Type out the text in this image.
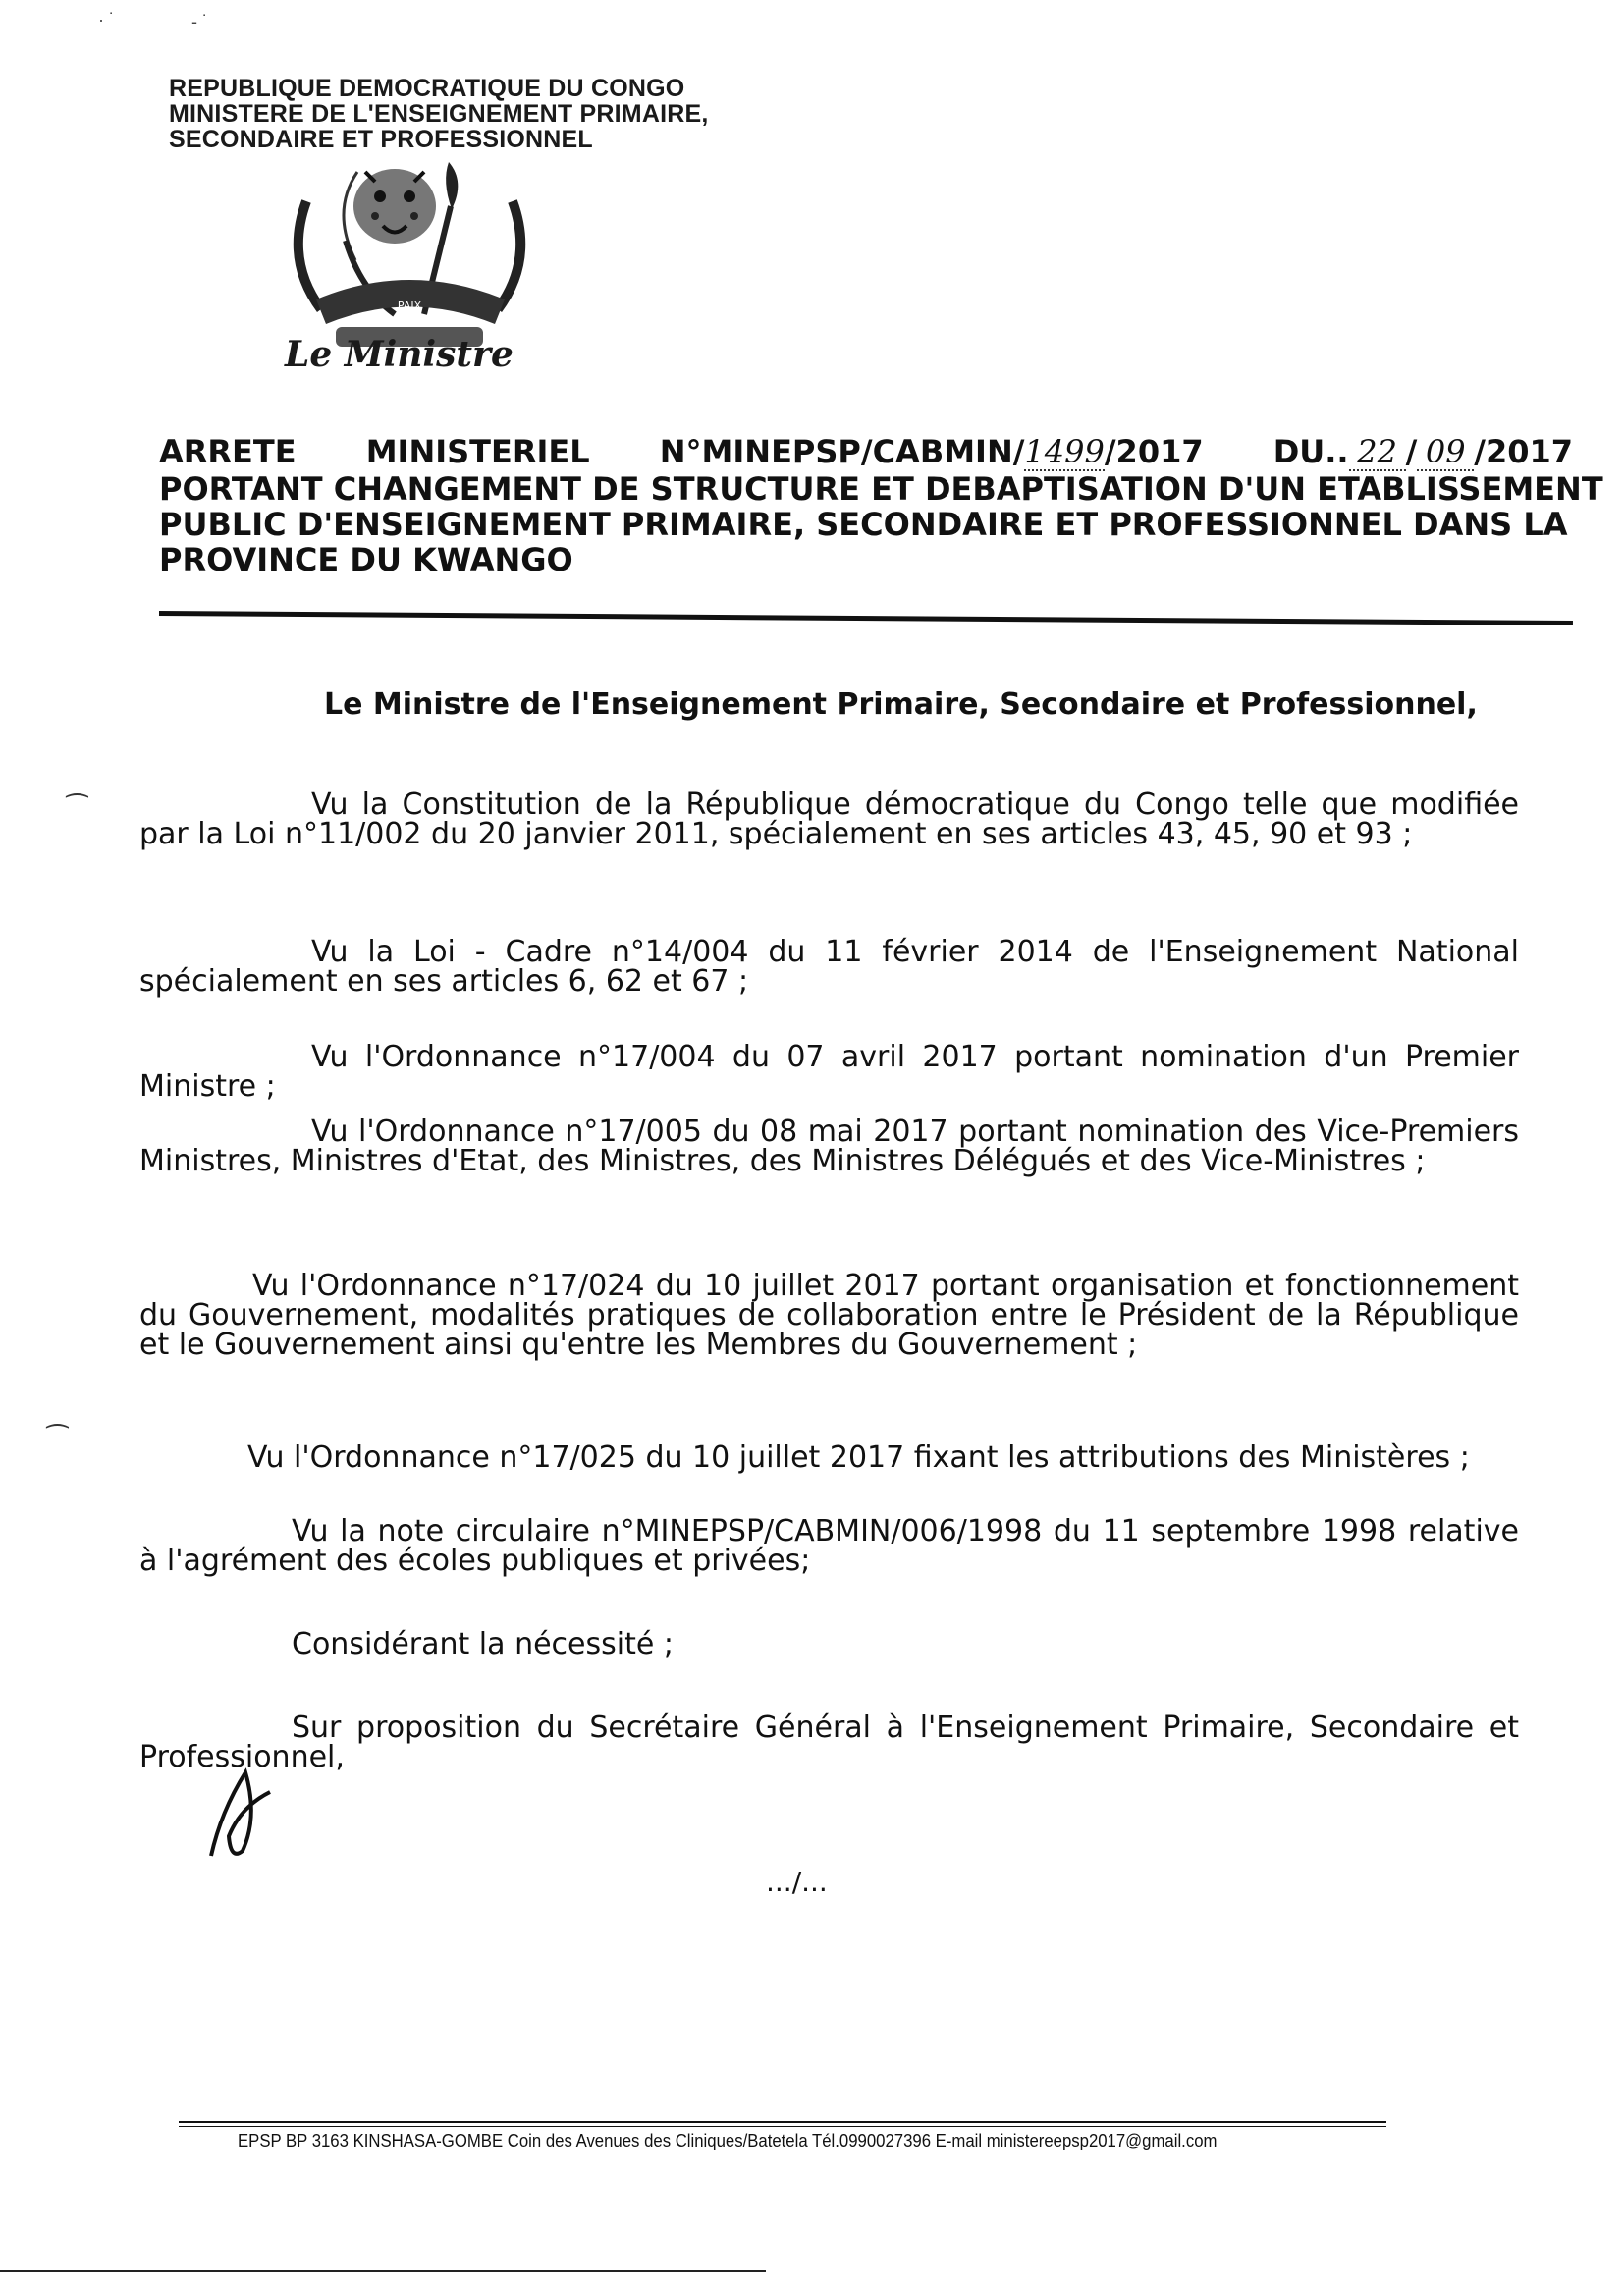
· ˙	- ˙
REPUBLIQUE DEMOCRATIQUE DU CONGO
MINISTERE DE L'ENSEIGNEMENT PRIMAIRE,
SECONDAIRE ET PROFESSIONNEL
PAIX
Le Ministre
ARRETE MINISTERIEL N°MINEPSP/CABMIN/1499/2017 DU.. 22 / 09 /2017
PORTANT CHANGEMENT DE STRUCTURE ET DEBAPTISATION D'UN ETABLISSEMENT
PUBLIC D'ENSEIGNEMENT PRIMAIRE, SECONDAIRE ET PROFESSIONNEL DANS LA
PROVINCE DU KWANGO
Le Ministre de l'Enseignement Primaire, Secondaire et Professionnel,
⁀
⁀
Vu la Constitution de la République démocratique du Congo telle que modifiée par la Loi n°11/002 du 20 janvier 2011, spécialement en ses articles 43, 45, 90 et 93 ;
Vu la Loi - Cadre n°14/004 du 11 février 2014 de l'Enseignement National spécialement en ses articles 6, 62 et 67 ;
Vu l'Ordonnance n°17/004 du 07 avril 2017 portant nomination d'un Premier Ministre ;
Vu l'Ordonnance n°17/005 du 08 mai 2017 portant nomination des Vice-Premiers Ministres, Ministres d'Etat, des Ministres, des Ministres Délégués et des Vice-Ministres ;
Vu l'Ordonnance n°17/024 du 10 juillet 2017 portant organisation et fonctionnement du Gouvernement, modalités pratiques de collaboration entre le Président de la République et le Gouvernement ainsi qu'entre les Membres du Gouvernement ;
Vu l'Ordonnance n°17/025 du 10 juillet 2017 fixant les attributions des Ministères ;
Vu la note circulaire n°MINEPSP/CABMIN/006/1998 du 11 septembre 1998 relative à l'agrément des écoles publiques et privées;
Considérant la nécessité ;
Sur proposition du Secrétaire Général à l'Enseignement Primaire, Secondaire et Professionnel,
.../...
EPSP BP 3163 KINSHASA-GOMBE Coin des Avenues des Cliniques/Batetela Tél.0990027396 E-mail ministereepsp2017@gmail.com
